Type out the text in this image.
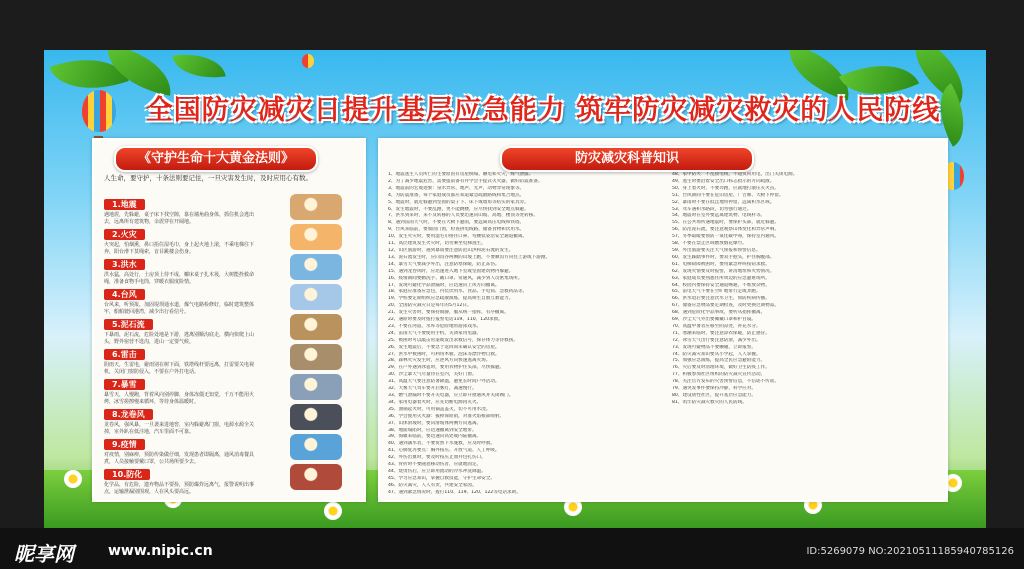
全国防灾减灾日提升基层应急能力 筑牢防灾减灾救灾的人民防线
《守护生命十大黄金法则》
人生命，要守护，十条法则要记住，一旦灾害发生时，及时应用心有数。
1.地震
遇地震，先躲避，桌子床下找空隙，靠在墙角曲身体，抓住机会逃出去，远离所有建筑物，余震穿在开阔地。
2.火灾
火突起，怕烟熏，鼻口捂住湿毛巾，身上起火地上滚，不乘电梯往下奔，阳台滑下莫绳索，盲目跳楼会伤身。
3.洪水
洪水猛，高处行，土房顶上待不成，椰床桌子扎木筏，大树能拴救命绳，准备食物手电筒，穿暖衣服度险情。
4.台风
台风来，听预报，加固堤坝通水道，煤气电路检修好，临时建筑整体牢，船舶驶回港湾，减少出行看信号。
5.泥石流
下暴雨，泥石流，危险处地是下游，逃离别顺沟底走，横向快爬上山头，野外宿营不选沟，进山一定要气候。
6.雷击
阴雨天，生雷电，避雨别在树下面，铁塔线杆要远离，打雷要关电视机，关闭门窗防侵入，不要在户外打电话。
7.暴雪
暴雪天，人慢跑，背着风向别停脚，身体冻僵无知觉，千万不能用火烤，冰雪搓擦慢来循环，等待身体温暖时。
8.龙卷风
龙卷风，强风暴，一旦袭来进地窖，室内躲避离门窗，电源水源全关掉，室外趴在低洼地，汽车里面不可靠。
9.疫情
对疫情，别麻痹，预防传染做仔细，发现患者即隔离，通风消毒餐具煮，人员接触要戴口罩，公共场所要少去。
10.防化
化学品，有危险，遗弃物品不要捡，预防爆炸远离气，报警说明出事点，运输泄漏别围观，人在风头要高远。
防灾减灾科普知识
1、地震逃生人员所亡的主要原因有房屋倒塌、触电和火灾，煤气泄露。
2、为了减少地震危害，需要提前备有并学会手提式灭火器，做好防震准备。
3、地震前的宏观迹象：泉水异常、地声、光声、动物异常现象等。
4、为防震准备，每个家庭成员都应知道紧急疏散路线和集合地点。
5、地震时，就近躲避到坚固的桌子下、床下或墙角等结实的家具旁。
6、发生地震时，不要乱跑，更不能跳楼，应尽快找到安全地点躲避。
7、洪水到来时，来不及转移的人员要迅速向山坡、高地、楼顶等处转移。
8、遇到雷雨天气时，不要在大树下避雨，要远离高压电线和铁塔。
9、台风来临前，要加固门窗，检查供电线路，储备食物和饮用水。
10、发生火灾时，要用湿毛巾捂住口鼻，弯腰低姿沿安全通道撤离。
11、高层建筑发生火灾时，切勿乘坐电梯逃生。
12、山区旅游时，遇到暴雨要注意防范山洪和泥石流的发生。
13、泥石流发生时，应向沟谷两侧的山坡上跑，不要顺沟方向往上游或下游跑。
14、暴雪天气要减少外出，注意防寒保暖，防止冻伤。
15、遇到龙卷风时，应迅速进入地下室或坚固建筑物内躲避。
16、疫情期间要勤洗手、戴口罩、常通风，减少到人员密集场所。
17、发现可疑化学品泄漏时，应迅速向上风方向撤离。
18、家庭应准备应急包，内装饮用水、食品、手电筒、急救药品等。
19、学校要定期组织应急疏散演练，提高师生自救互救能力。
20、全国防灾减灾日是每年的5月12日。
21、发生灾害时，要保持镇静，服从统一指挥，有序撤离。
22、遇险时要及时拨打报警电话119、110、120求救。
23、不要在河道、水库等危险地带游泳戏水。
24、雷雨天气不要使用手机，关闭家用电器。
25、被困时可以敲击管道或发出求救信号，保存体力等待救援。
26、发生地震后，不要急于返回尚未确认安全的房屋。
27、洪水中被困时，可利用木板、泡沫等漂浮物自救。
28、森林火灾发生时，应逆风方向快速逃离火场。
29、在户外遇到冰雹时，要用衣物护住头部，尽快躲避。
30、沙尘暴天气尽量待在室内，关好门窗。
31、高温天气要注意防暑降温，避免长时间户外活动。
32、大雾天气驾车要开启雾灯，减速慢行。
33、燃气泄漏时不要开关电器，应立即开窗通风并关闭阀门。
34、家用电器着火时，应先切断电源再灭火。
35、油锅起火时，可用锅盖盖灭，切不可用水浇。
36、学会使用灭火器：拔掉保险销，对准火焰根部喷射。
37、山体滑坡时，要向滑坡体两侧方向逃离。
38、地面塌陷时，应迅速撤离到安全地带。
39、海啸来临前，要迅速向高处或内陆撤离。
40、遇到溺水者，不要贸然下水施救，应及时呼救。
41、心肺复苏要点：胸外按压、开放气道、人工呼吸。
42、外伤出血时，要及时按压止血并包扎伤口。
43、骨折时不要随意移动伤者，应就地固定。
44、烧烫伤后，应立即用流动的冷水冲洗降温。
45、学习应急知识，掌握自救技能，守护生命安全。
46、防灾减灾，人人有责，共建安全家园。
47、遇到紧急情况时，拨打110、119、120、122等电话求助。
48、家中防火：不乱接电线，不超负荷用电，出门关闭电源。
49、逃生时要沿着安全出口标志指示的方向疏散。
50、身上着火时，不要奔跑，应就地打滚压灭火苗。
51、台风期间不要在危旧房屋、广告牌、大树下停留。
52、暴雨时不要在低洼地带停留，远离积水区域。
53、驾车遇积水路段，切勿强行通过。
54、地震时在室外要远离建筑物、电线杆等。
55、在公共场所遇地震时，要保护头部，就近躲避。
56、防范泥石流，要注意观察山体变化和异常声响。
57、冬季取暖要预防一氧化碳中毒，保持室内通风。
58、不要在禁止区域燃放烟花爆竹。
59、外出旅游要关注天气预报和预警信息。
60、发生踩踏事件时，要双手抱头，护住胸腹部。
61、电梯故障被困时，要用紧急呼叫按钮求救。
62、发现火情要及时报警，讲清地址和火势情况。
63、家庭成员要熟悉住所周边的应急避难场所。
64、校园内要保持安全通道畅通，不堆放杂物。
65、雷电天气不要在空旷地带行走或奔跑。
66、洪水退后要注意饮水卫生，预防疾病传播。
67、储备应急物品要定期检查，及时更换过期物品。
68、遇到危险化学品事故，要听从指挥撤离。
69、沙尘天气外出要佩戴口罩和护目镜。
70、高温中暑者应移至阴凉处，补充水分。
71、寒潮来临时，要注意添衣保暖，防止感冒。
72、冰雪天气出行要注意防滑，减少外出。
73、发现可疑物品不要触碰，立即报警。
74、防灾减灾知识要从小学起，人人掌握。
75、加强应急演练，提高全民应急避险能力。
76、灾后要及时清理环境，做好卫生防疫工作。
77、积极参加社区组织的防灾减灾宣传活动。
78、关注官方发布的灾害预警信息，不信谣不传谣。
79、遇突发事件要保持冷静，科学应对。
80、建设韧性社区，提升基层应急能力。
81、筑牢防灾减灾救灾的人民防线。
昵享网 www.nipic.cn	ID:5269079 NO:20210511185940785126
